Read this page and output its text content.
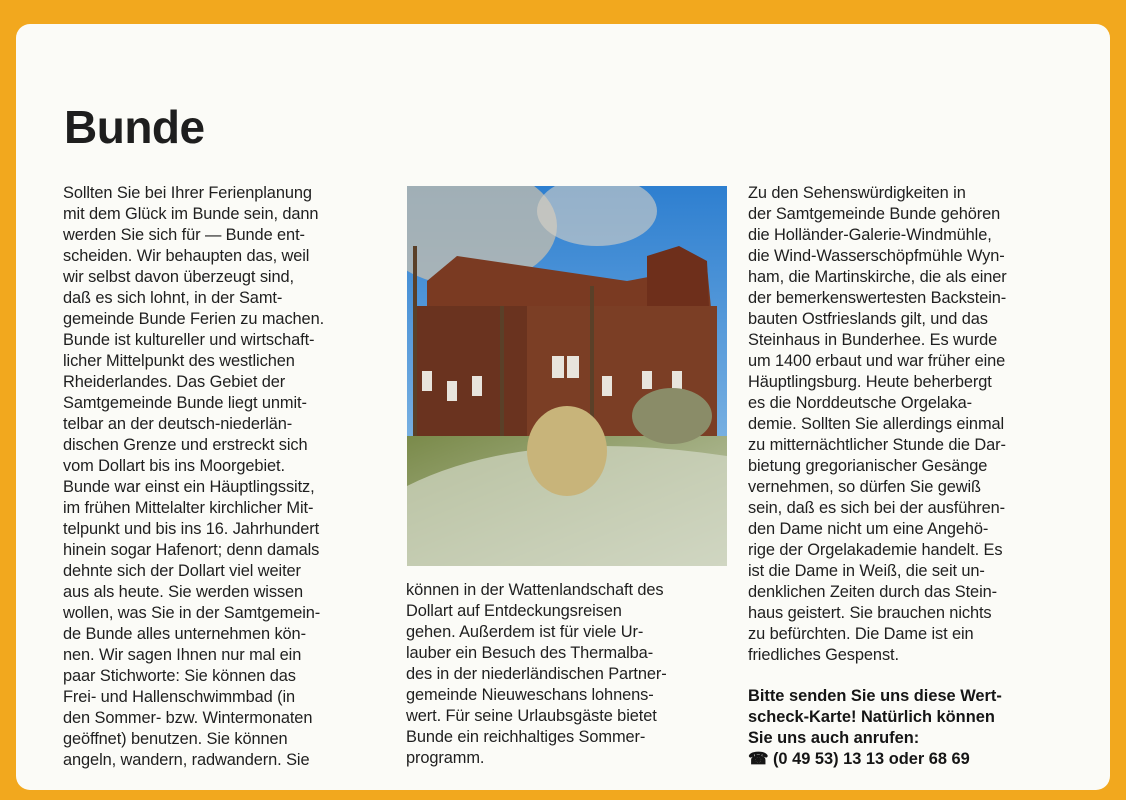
Bunde
Sollten Sie bei Ihrer Ferienplanung
mit dem Glück im Bunde sein, dann
werden Sie sich für — Bunde ent-
scheiden. Wir behaupten das, weil
wir selbst davon überzeugt sind,
daß es sich lohnt, in der Samt-
gemeinde Bunde Ferien zu machen.
Bunde ist kultureller und wirtschaft-
licher Mittelpunkt des westlichen
Rheiderlandes. Das Gebiet der
Samtgemeinde Bunde liegt unmit-
telbar an der deutsch-niederlän-
dischen Grenze und erstreckt sich
vom Dollart bis ins Moorgebiet.
Bunde war einst ein Häuptlingssitz,
im frühen Mittelalter kirchlicher Mit-
telpunkt und bis ins 16. Jahrhundert
hinein sogar Hafenort; denn damals
dehnte sich der Dollart viel weiter
aus als heute. Sie werden wissen
wollen, was Sie in der Samtgemein-
de Bunde alles unternehmen kön-
nen. Wir sagen Ihnen nur mal ein
paar Stichworte: Sie können das
Frei- und Hallenschwimmbad (in
den Sommer- bzw. Wintermonaten
geöffnet) benutzen. Sie können
angeln, wandern, radwandern. Sie
können in der Wattenlandschaft des
Dollart auf Entdeckungsreisen
gehen. Außerdem ist für viele Ur-
lauber ein Besuch des Thermalba-
des in der niederländischen Partner-
gemeinde Nieuweschans lohnens-
wert. Für seine Urlaubsgäste bietet
Bunde ein reichhaltiges Sommer-
programm.
Zu den Sehenswürdigkeiten in
der Samtgemeinde Bunde gehören
die Holländer-Galerie-Windmühle,
die Wind-Wasserschöpfmühle Wyn-
ham, die Martinskirche, die als einer
der bemerkenswertesten Backstein-
bauten Ostfrieslands gilt, und das
Steinhaus in Bunderhee. Es wurde
um 1400 erbaut und war früher eine
Häuptlingsburg. Heute beherbergt
es die Norddeutsche Orgelaka-
demie. Sollten Sie allerdings einmal
zu mitternächtlicher Stunde die Dar-
bietung gregorianischer Gesänge
vernehmen, so dürfen Sie gewiß
sein, daß es sich bei der ausführen-
den Dame nicht um eine Angehö-
rige der Orgelakademie handelt. Es
ist die Dame in Weiß, die seit un-
denklichen Zeiten durch das Stein-
haus geistert. Sie brauchen nichts
zu befürchten. Die Dame ist ein
friedliches Gespenst.
Bitte senden Sie uns diese Wert-
scheck-Karte! Natürlich können
Sie uns auch anrufen:
☎ (0 49 53) 13 13 oder 68 69
